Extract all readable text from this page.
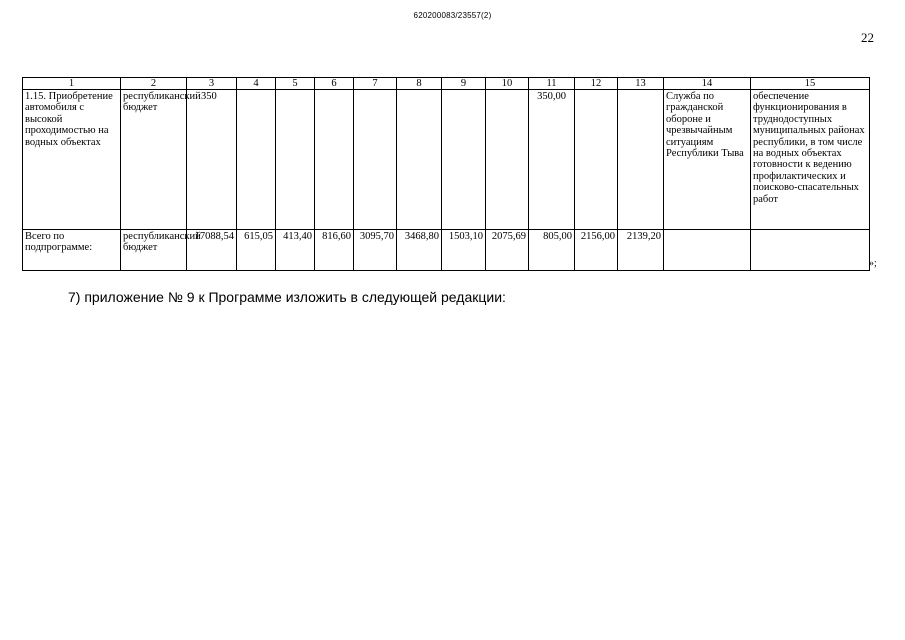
620200083/23557(2)
22
1	2	3	4	5	6	7	8	9	10	11	12	13	14	15
1.15. Приобретение автомобиля с высокой проходимостью на водных объектах	республиканский бюджет	350								350,00			Служба по гражданской обороне и чрезвычайным ситуациям Республики Тыва	обеспечение функционирования в труднодоступных муниципальных районах республики, в том числе на водных объектах готовности к ведению профилактических и поисково-спасательных работ
Всего по подпрограмме:	республиканский бюджет	17088,54	615,05	413,40	816,60	3095,70	3468,80	1503,10	2075,69	805,00	2156,00	2139,20		
»;
7) приложение № 9 к Программе изложить в следующей редакции:
